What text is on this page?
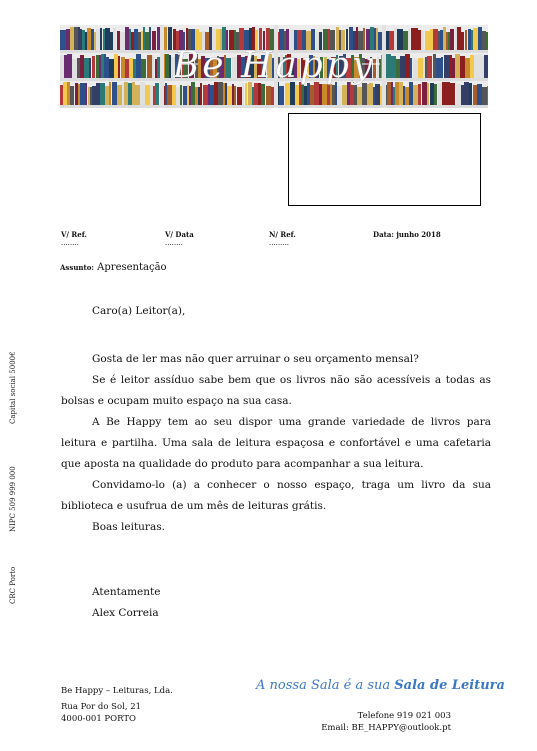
Be Happy
Capital social 5000€
NIPC 509 999 000
CRC Porto
V/ Ref.
........
V/ Data
........
N/ Ref.
.........
Data: junho 2018
Assunto: Apresentação

Caro(a) Leitor(a),

Gosta de ler mas não quer arruinar o seu orçamento mensal?

Se é leitor assíduo sabe bem que os livros não são acessíveis a todas as bolsas e ocupam muito espaço na sua casa.

A Be Happy tem ao seu dispor uma grande variedade de livros para leitura e partilha. Uma sala de leitura espaçosa e confortável e uma cafetaria que aposta na qualidade do produto para acompanhar a sua leitura.

Convidamo-lo (a) a conhecer o nosso espaço, traga um livro da sua biblioteca e usufrua de um mês de leituras grátis.

Boas leituras.

Atentamente

Alex Correia

Be Happy – Leituras, Lda.
Rua Por do Sol, 21
4000-001 PORTO
A nossa Sala é a sua Sala de Leitura
Telefone 919 021 003
Email: BE_HAPPY@outlook.pt
